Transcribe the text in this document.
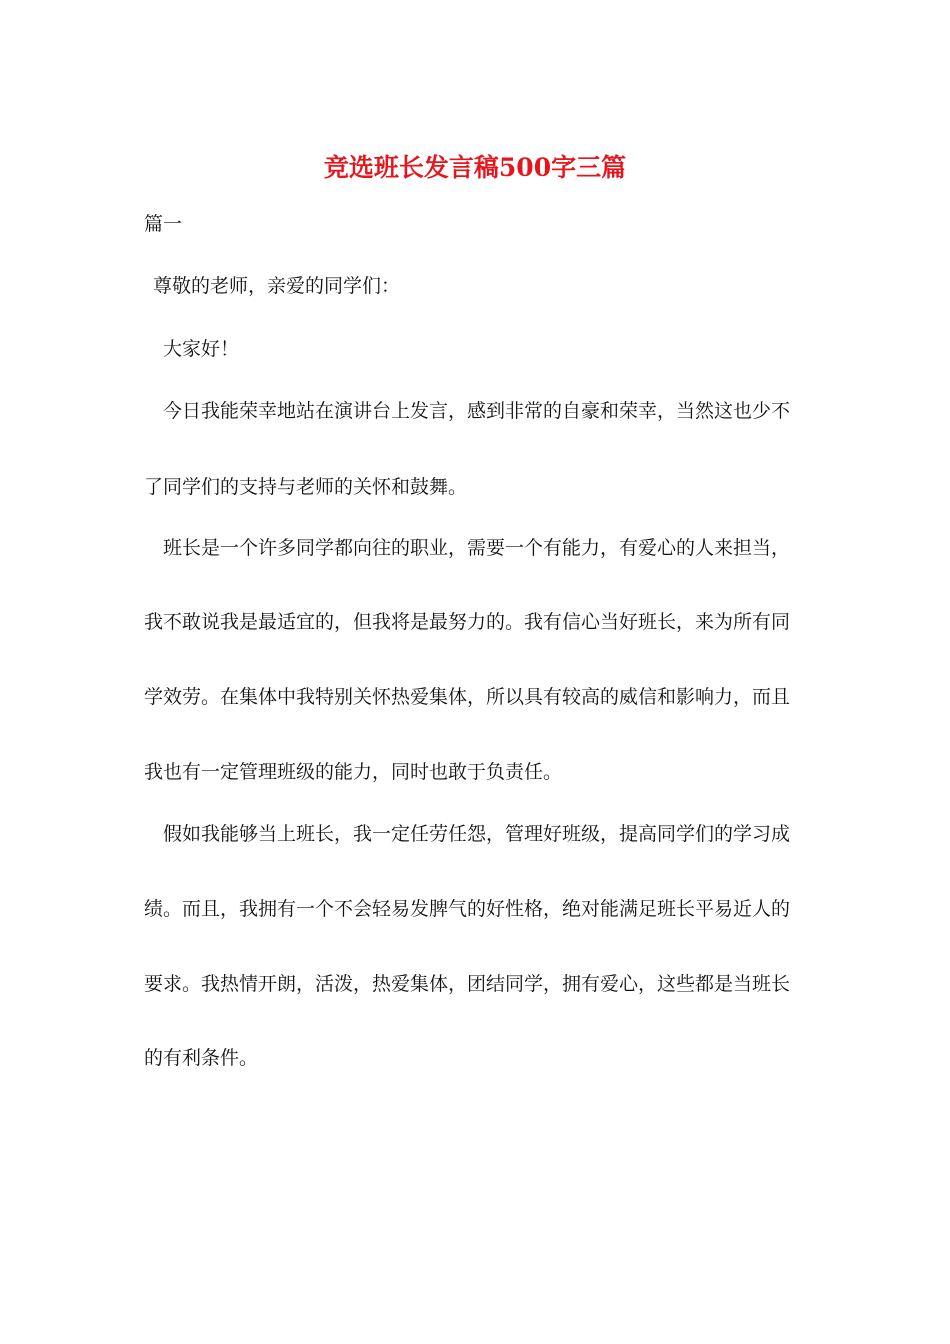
竞选班长发言稿500字三篇
篇一
尊敬的老师，亲爱的同学们：
大家好！
今日我能荣幸地站在演讲台上发言，感到非常的自豪和荣幸，当然这也少不
了同学们的支持与老师的关怀和鼓舞。
班长是一个许多同学都向往的职业，需要一个有能力，有爱心的人来担当，
我不敢说我是最适宜的，但我将是最努力的。我有信心当好班长，来为所有同
学效劳。在集体中我特别关怀热爱集体，所以具有较高的威信和影响力，而且
我也有一定管理班级的能力，同时也敢于负责任。
假如我能够当上班长，我一定任劳任怨，管理好班级，提高同学们的学习成
绩。而且，我拥有一个不会轻易发脾气的好性格，绝对能满足班长平易近人的
要求。我热情开朗，活泼，热爱集体，团结同学，拥有爱心，这些都是当班长
的有利条件。
